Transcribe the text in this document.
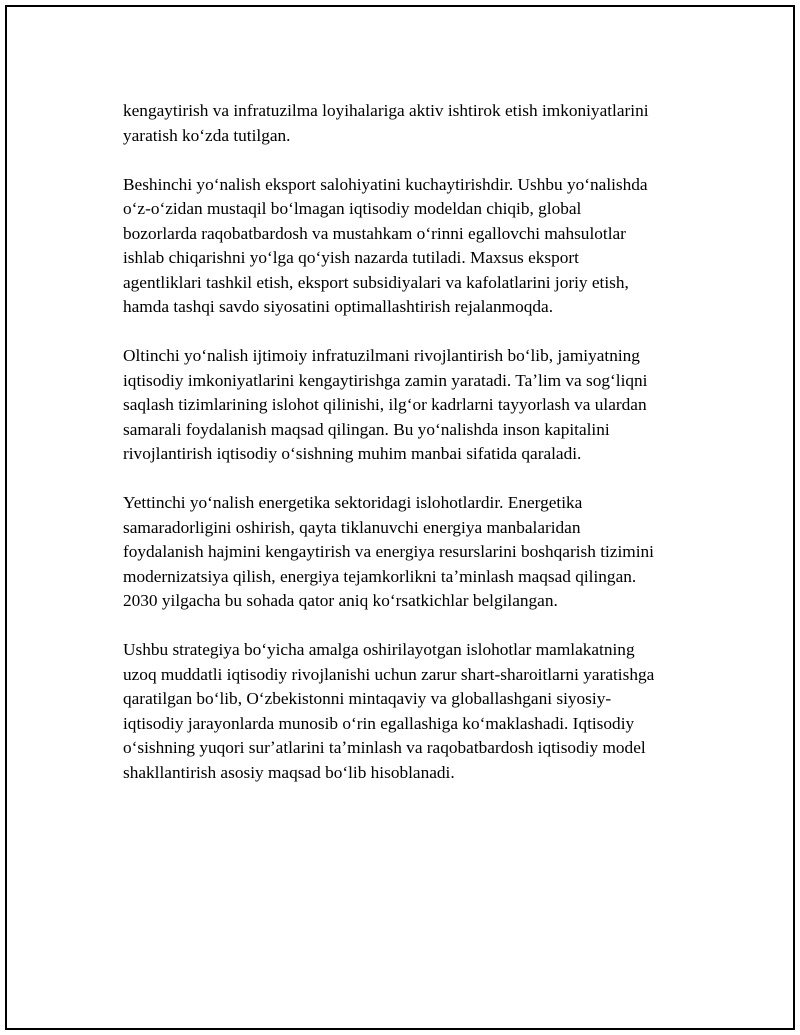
kengaytirish va infratuzilma loyihalariga aktiv ishtirok etish imkoniyatlarini
yaratish koʻzda tutilgan.

Beshinchi yoʻnalish eksport salohiyatini kuchaytirishdir. Ushbu yoʻnalishda
oʻz-oʻzidan mustaqil boʻlmagan iqtisodiy modeldan chiqib, global
bozorlarda raqobatbardosh va mustahkam oʻrinni egallovchi mahsulotlar
ishlab chiqarishni yoʻlga qoʻyish nazarda tutiladi. Maxsus eksport
agentliklari tashkil etish, eksport subsidiyalari va kafolatlarini joriy etish,
hamda tashqi savdo siyosatini optimallashtirish rejalanmoqda.

Oltinchi yoʻnalish ijtimoiy infratuzilmani rivojlantirish boʻlib, jamiyatning
iqtisodiy imkoniyatlarini kengaytirishga zamin yaratadi. Taʼlim va sogʻliqni
saqlash tizimlarining islohot qilinishi, ilgʻor kadrlarni tayyorlash va ulardan
samarali foydalanish maqsad qilingan. Bu yoʻnalishda inson kapitalini
rivojlantirish iqtisodiy oʻsishning muhim manbai sifatida qaraladi.

Yettinchi yoʻnalish energetika sektoridagi islohotlardir. Energetika
samaradorligini oshirish, qayta tiklanuvchi energiya manbalaridan
foydalanish hajmini kengaytirish va energiya resurslarini boshqarish tizimini
modernizatsiya qilish, energiya tejamkorlikni taʼminlash maqsad qilingan.
2030 yilgacha bu sohada qator aniq koʻrsatkichlar belgilangan.

Ushbu strategiya boʻyicha amalga oshirilayotgan islohotlar mamlakatning
uzoq muddatli iqtisodiy rivojlanishi uchun zarur shart-sharoitlarni yaratishga
qaratilgan boʻlib, Oʻzbekistonni mintaqaviy va globallashgani siyosiy-
iqtisodiy jarayonlarda munosib oʻrin egallashiga koʻmaklashadi. Iqtisodiy
oʻsishning yuqori surʼatlarini taʼminlash va raqobatbardosh iqtisodiy model
shakllantirish asosiy maqsad boʻlib hisoblanadi.
